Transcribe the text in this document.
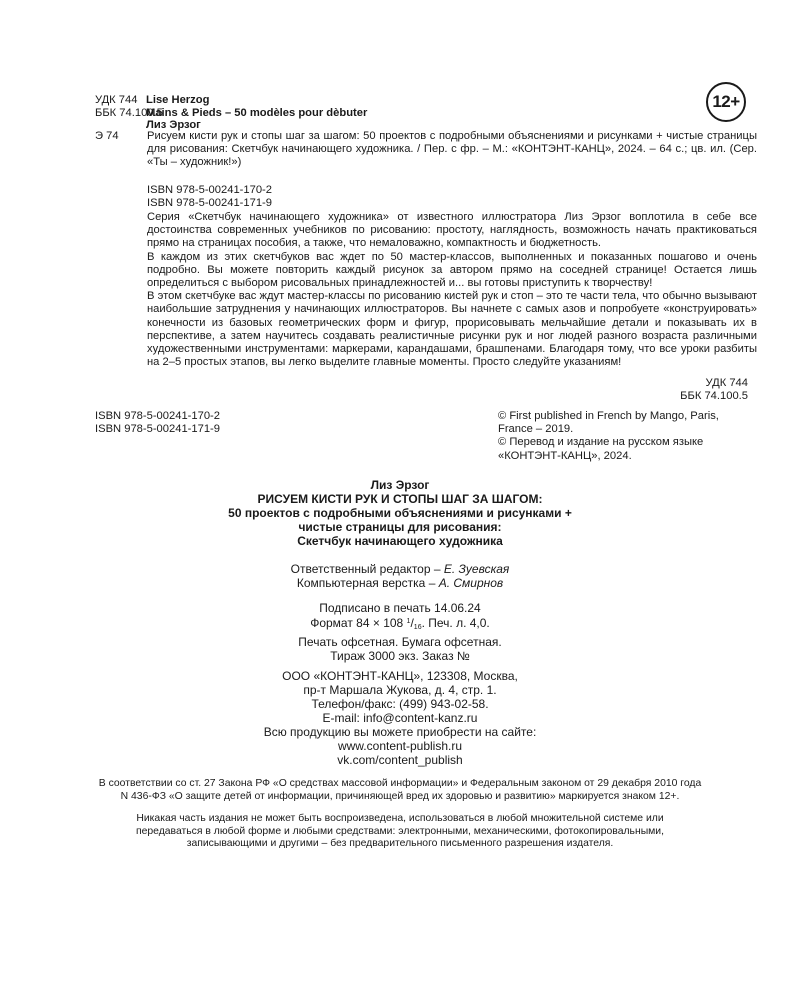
УДК 744 Lise Herzog
ББК 74.100.5Mains & Pieds – 50 modèles pour dèbuter
Лиз Эрзог
Э 74
12+
Рисуем кисти рук и стопы шаг за шагом: 50 проектов с подробными объяснениями и рисунками + чистые страницы для рисования: Скетчбук начинающего художника. / Пер. с фр. – М.: «КОНТЭНТ-КАНЦ», 2024. – 64 с.; цв. ил. (Сер. «Ты – художник!»)
ISBN 978-5-00241-170-2
ISBN 978-5-00241-171-9

Серия «Скетчбук начинающего художника» от известного иллюстратора Лиз Эрзог воплотила в себе все достоинства современных учебников по рисованию: простоту, наглядность, возможность начать практиковаться прямо на страницах пособия, а также, что немаловажно, компактность и бюджетность.

В каждом из этих скетчбуков вас ждет по 50 мастер-классов, выполненных и показанных пошагово и очень подробно. Вы можете повторить каждый рисунок за автором прямо на соседней странице! Остается лишь определиться с выбором рисовальных принадлежностей и... вы готовы приступить к творчеству!

В этом скетчбуке вас ждут мастер-классы по рисованию кистей рук и стоп – это те части тела, что обычно вызывают наибольшие затруднения у начинающих иллюстраторов. Вы начнете с самых азов и попробуете «конструировать» конечности из базовых геометрических форм и фигур, прорисовывать мельчайшие детали и показывать их в перспективе, а затем научитесь создавать реалистичные рисунки рук и ног людей разного возраста различными художественными инструментами: маркерами, карандашами, брашпенами. Благодаря тому, что все уроки разбиты на 2–5 простых этапов, вы легко выделите главные моменты. Просто следуйте указаниям!

УДК 744
ББК 74.100.5
ISBN 978-5-00241-170-2
ISBN 978-5-00241-171-9
© First published in French by Mango, Paris,
France – 2019.
© Перевод и издание на русском языке
«КОНТЭНТ-КАНЦ», 2024.
Лиз Эрзог
РИСУЕМ КИСТИ РУК И СТОПЫ ШАГ ЗА ШАГОМ:
50 проектов с подробными объяснениями и рисунками +
чистые страницы для рисования:
Скетчбук начинающего художника
Ответственный редактор – Е. Зуевская
Компьютерная верстка – А. Смирнов
Подписано в печать 14.06.24
Формат 84 × 108 $^1/_{16}$. Печ. л. 4,0.
Печать офсетная. Бумага офсетная.
Тираж 3000 экз. Заказ №
ООО «КОНТЭНТ-КАНЦ», 123308, Москва,
пр-т Маршала Жукова, д. 4, стр. 1.
Телефон/факс: (499) 943-02-58.
E-mail: info@content-kanz.ru
Всю продукцию вы можете приобрести на сайте:
www.content-publish.ru
vk.com/content_publish
В соответствии со ст. 27 Закона РФ «О средствах массовой информации» и Федеральным законом от 29 декабря 2010 года
N 436-ФЗ «О защите детей от информации, причиняющей вред их здоровью и развитию» маркируется знаком 12+.
Никакая часть издания не может быть воспроизведена, использоваться в любой множительной системе или
передаваться в любой форме и любыми средствами: электронными, механическими, фотокопировальными,
записывающими и другими – без предварительного письменного разрешения издателя.
